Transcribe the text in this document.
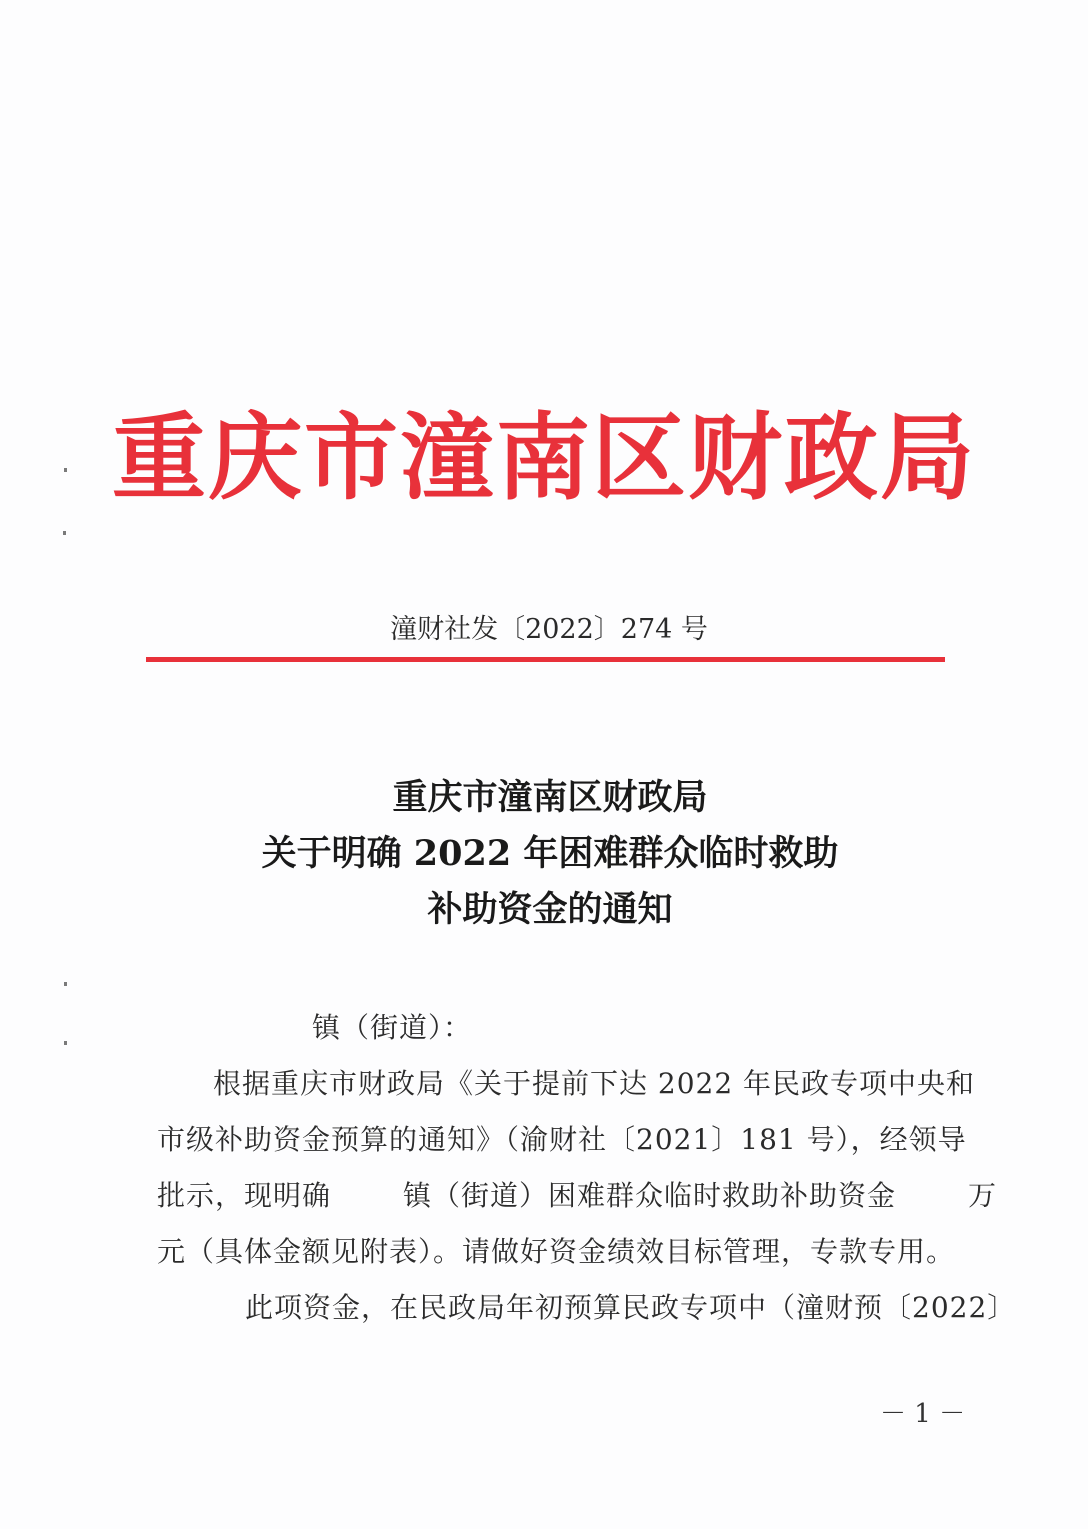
重庆市潼南区财政局
潼财社发〔2022〕274 号
重庆市潼南区财政局
关于明确 2022 年困难群众临时救助
补助资金的通知

镇（街道）：

根据重庆市财政局《关于提前下达 2022 年民政专项中央和

市级补助资金预算的通知》（渝财社〔2021〕181 号），经领导

批示，现明确	镇（街道）困难群众临时救助补助资金	万

元（具体金额见附表）。请做好资金绩效目标管理，专款专用。

此项资金，在民政局年初预算民政专项中（潼财预〔2022〕

－ 1 －
